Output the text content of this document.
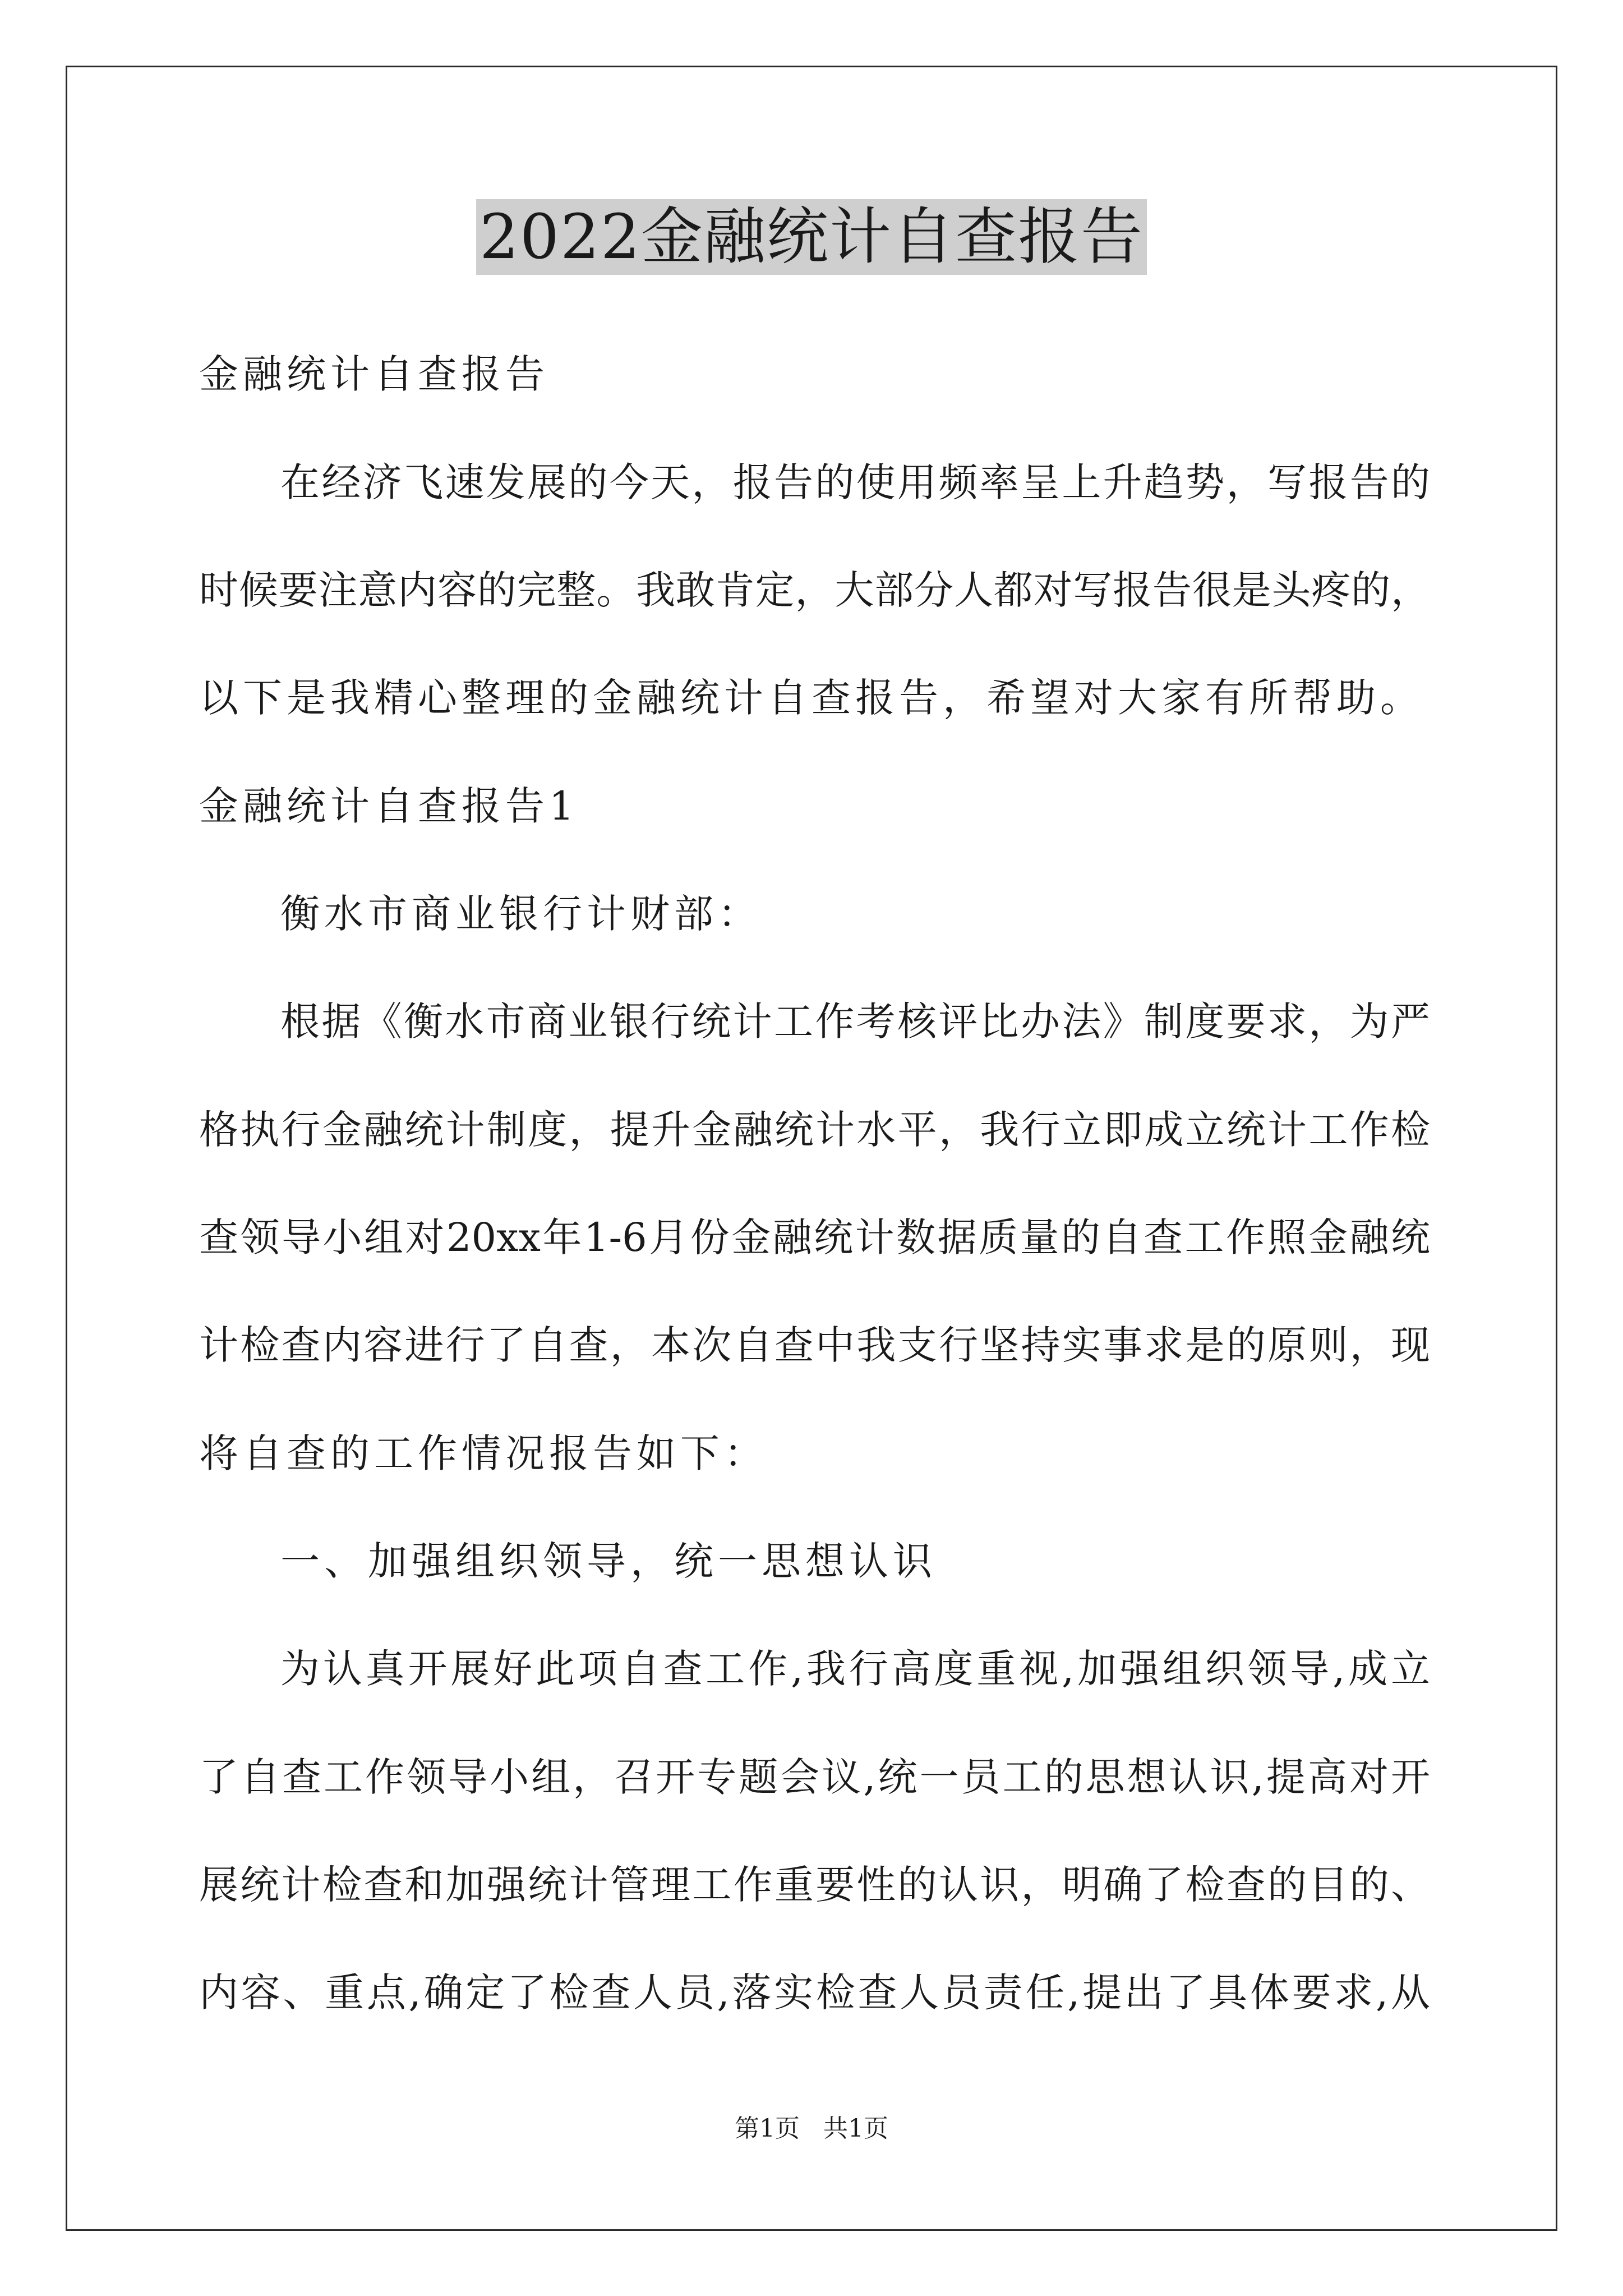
2022金融统计自查报告
金融统计自查报告
在经济飞速发展的今天，报告的使用频率呈上升趋势，写报告的
时候要注意内容的完整。我敢肯定，大部分人都对写报告很是头疼的，
以下是我精心整理的金融统计自查报告，希望对大家有所帮助。
金融统计自查报告1
衡水市商业银行计财部：
根据《衡水市商业银行统计工作考核评比办法》制度要求，为严
格执行金融统计制度，提升金融统计水平，我行立即成立统计工作检
查领导小组对20xx年1-6月份金融统计数据质量的自查工作照金融统
计检查内容进行了自查，本次自查中我支行坚持实事求是的原则，现
将自查的工作情况报告如下：
一、加强组织领导，统一思想认识
为认真开展好此项自查工作,我行高度重视,加强组织领导,成立
了自查工作领导小组，召开专题会议,统一员工的思想认识,提高对开
展统计检查和加强统计管理工作重要性的认识，明确了检查的目的、
内容、重点,确定了检查人员,落实检查人员责任,提出了具体要求,从
第1页   共1页
